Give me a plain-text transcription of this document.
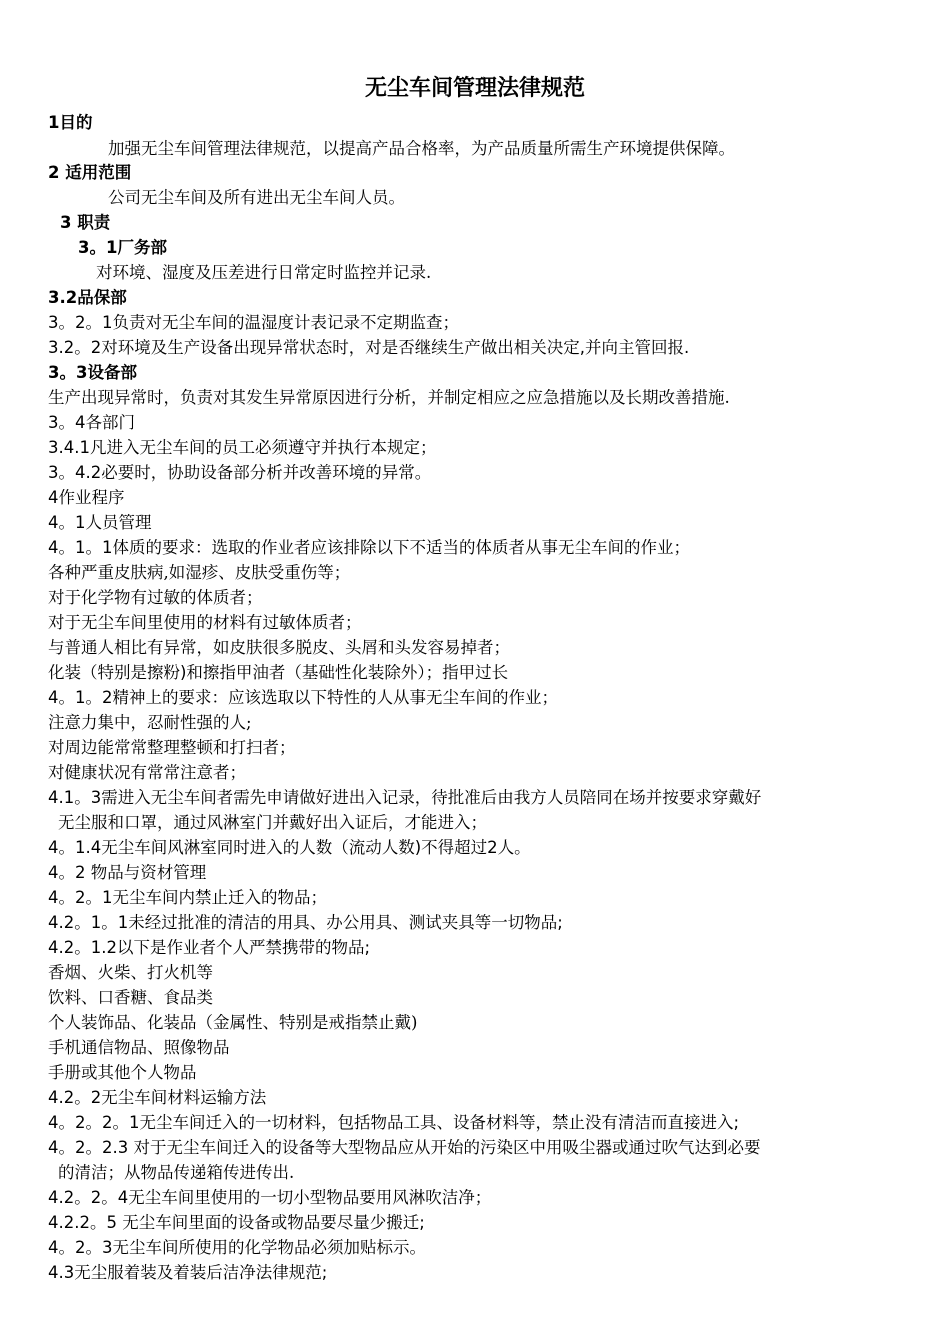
无尘车间管理法律规范
1目的
加强无尘车间管理法律规范，以提高产品合格率，为产品质量所需生产环境提供保障。
2 适用范围
公司无尘车间及所有进出无尘车间人员。
3 职责
3。1厂务部
对环境、湿度及压差进行日常定时监控并记录.
3.2品保部
3。2。1负责对无尘车间的温湿度计表记录不定期监查；
3.2。2对环境及生产设备出现异常状态时，对是否继续生产做出相关决定,并向主管回报.
3。3设备部
生产出现异常时，负责对其发生异常原因进行分析，并制定相应之应急措施以及长期改善措施.
3。4各部门
3.4.1凡进入无尘车间的员工必须遵守并执行本规定；
3。4.2必要时，协助设备部分析并改善环境的异常。
4作业程序
4。1人员管理
4。1。1体质的要求：选取的作业者应该排除以下不适当的体质者从事无尘车间的作业；
各种严重皮肤病,如湿疹、皮肤受重伤等；
对于化学物有过敏的体质者；
对于无尘车间里使用的材料有过敏体质者；
与普通人相比有异常，如皮肤很多脱皮、头屑和头发容易掉者；
化装（特别是擦粉)和擦指甲油者（基础性化装除外）；指甲过长
4。1。2精神上的要求：应该选取以下特性的人从事无尘车间的作业；
注意力集中，忍耐性强的人;
对周边能常常整理整顿和打扫者；
对健康状况有常常注意者；
4.1。3需进入无尘车间者需先申请做好进出入记录，待批准后由我方人员陪同在场并按要求穿戴好
无尘服和口罩，通过风淋室门并戴好出入证后，才能进入；
4。1.4无尘车间风淋室同时进入的人数（流动人数)不得超过2人。
4。2 物品与资材管理
4。2。1无尘车间内禁止迁入的物品；
4.2。1。1未经过批准的清洁的用具、办公用具、测试夹具等一切物品;
4.2。1.2以下是作业者个人严禁携带的物品;
香烟、火柴、打火机等
饮料、口香糖、食品类
个人装饰品、化装品（金属性、特别是戒指禁止戴)
手机通信物品、照像物品
手册或其他个人物品
4.2。2无尘车间材料运输方法
4。2。2。1无尘车间迁入的一切材料，包括物品工具、设备材料等，禁止没有清洁而直接进入;
4。2。2.3 对于无尘车间迁入的设备等大型物品应从开始的污染区中用吸尘器或通过吹气达到必要
的清洁；从物品传递箱传进传出.
4.2。2。4无尘车间里使用的一切小型物品要用风淋吹洁净；
4.2.2。5 无尘车间里面的设备或物品要尽量少搬迁;
4。2。3无尘车间所使用的化学物品必须加贴标示。
4.3无尘服着装及着装后洁净法律规范;
